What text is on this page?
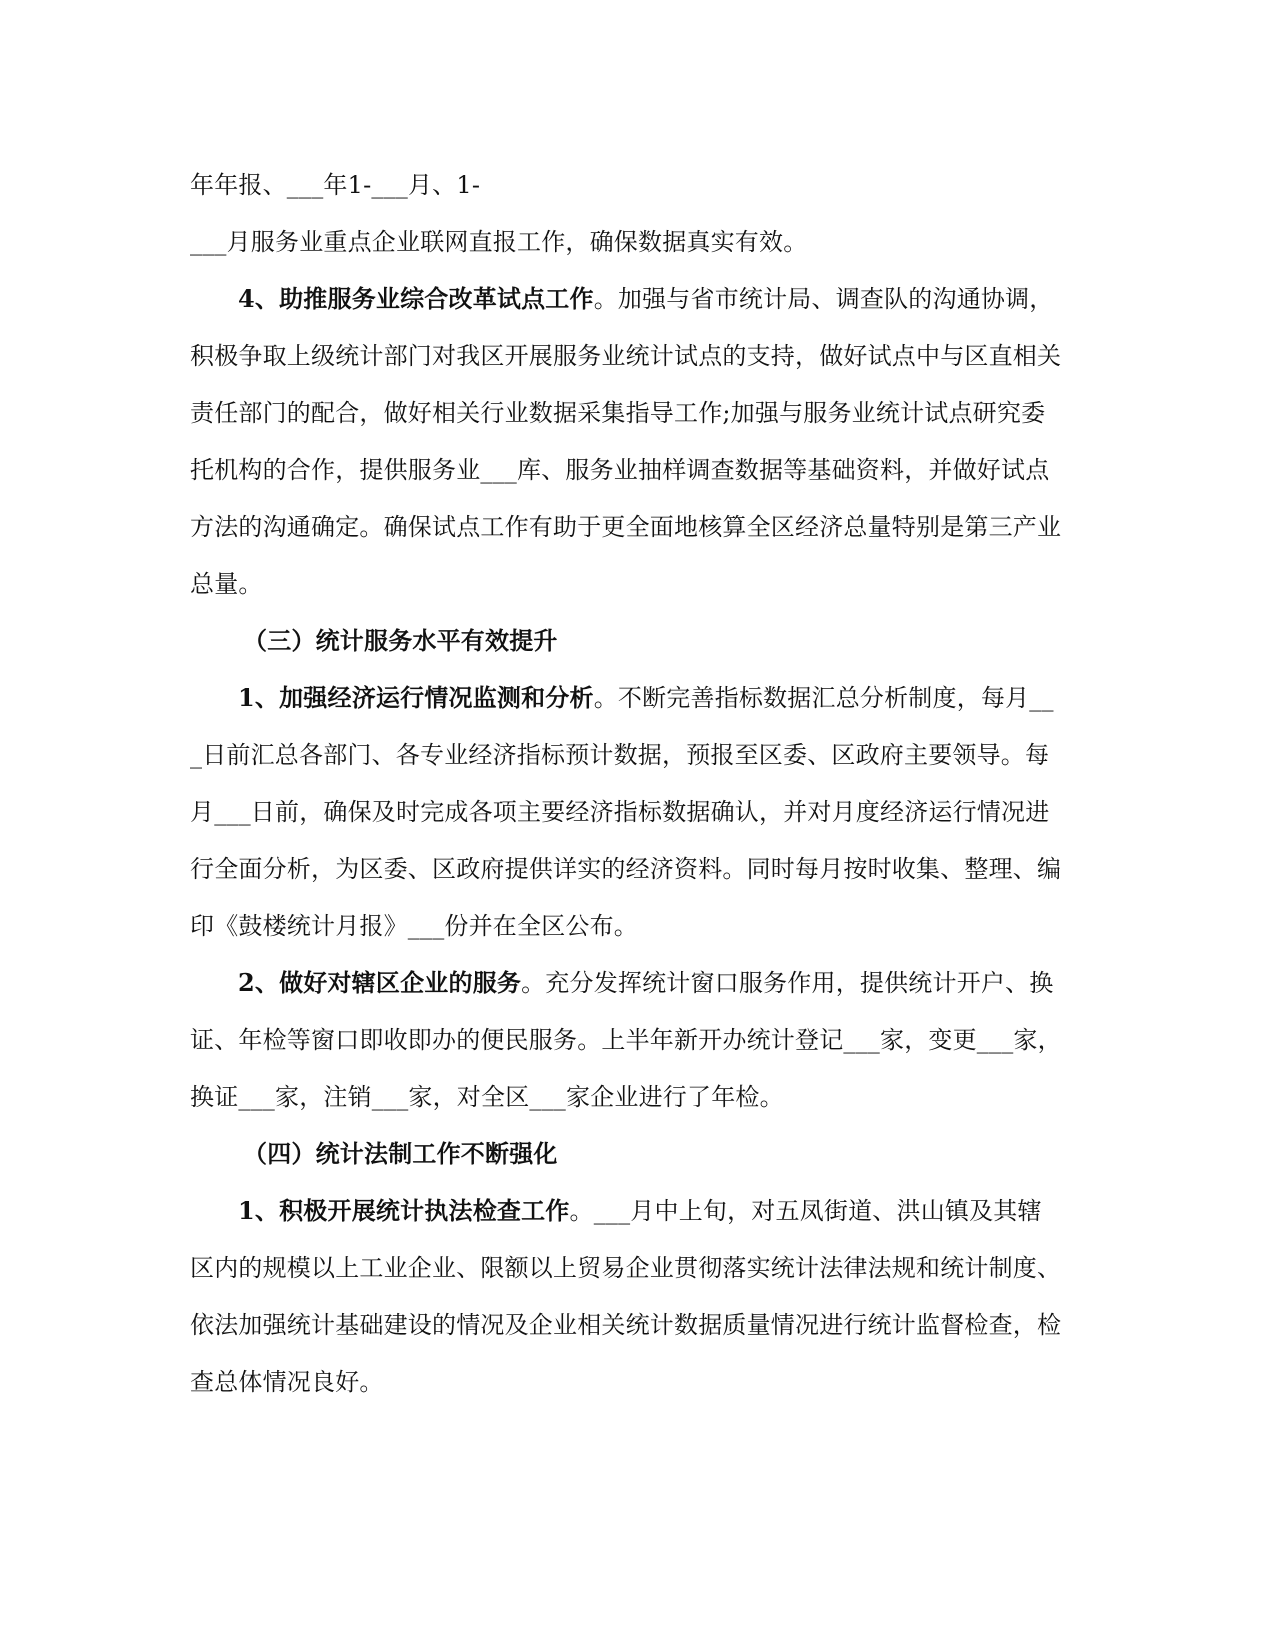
年年报、___年1-___月、1-
___月服务业重点企业联网直报工作，确保数据真实有效。
4、助推服务业综合改革试点工作。加强与省市统计局、调查队的沟通协调，
积极争取上级统计部门对我区开展服务业统计试点的支持，做好试点中与区直相关
责任部门的配合，做好相关行业数据采集指导工作;加强与服务业统计试点研究委
托机构的合作，提供服务业___库、服务业抽样调查数据等基础资料，并做好试点
方法的沟通确定。确保试点工作有助于更全面地核算全区经济总量特别是第三产业
总量。
（三）统计服务水平有效提升
1、加强经济运行情况监测和分析。不断完善指标数据汇总分析制度，每月__
_日前汇总各部门、各专业经济指标预计数据，预报至区委、区政府主要领导。每
月___日前，确保及时完成各项主要经济指标数据确认，并对月度经济运行情况进
行全面分析，为区委、区政府提供详实的经济资料。同时每月按时收集、整理、编
印《鼓楼统计月报》___份并在全区公布。
2、做好对辖区企业的服务。充分发挥统计窗口服务作用，提供统计开户、换
证、年检等窗口即收即办的便民服务。上半年新开办统计登记___家，变更___家，
换证___家，注销___家，对全区___家企业进行了年检。
（四）统计法制工作不断强化
1、积极开展统计执法检查工作。___月中上旬，对五凤街道、洪山镇及其辖
区内的规模以上工业企业、限额以上贸易企业贯彻落实统计法律法规和统计制度、
依法加强统计基础建设的情况及企业相关统计数据质量情况进行统计监督检查，检
查总体情况良好。
